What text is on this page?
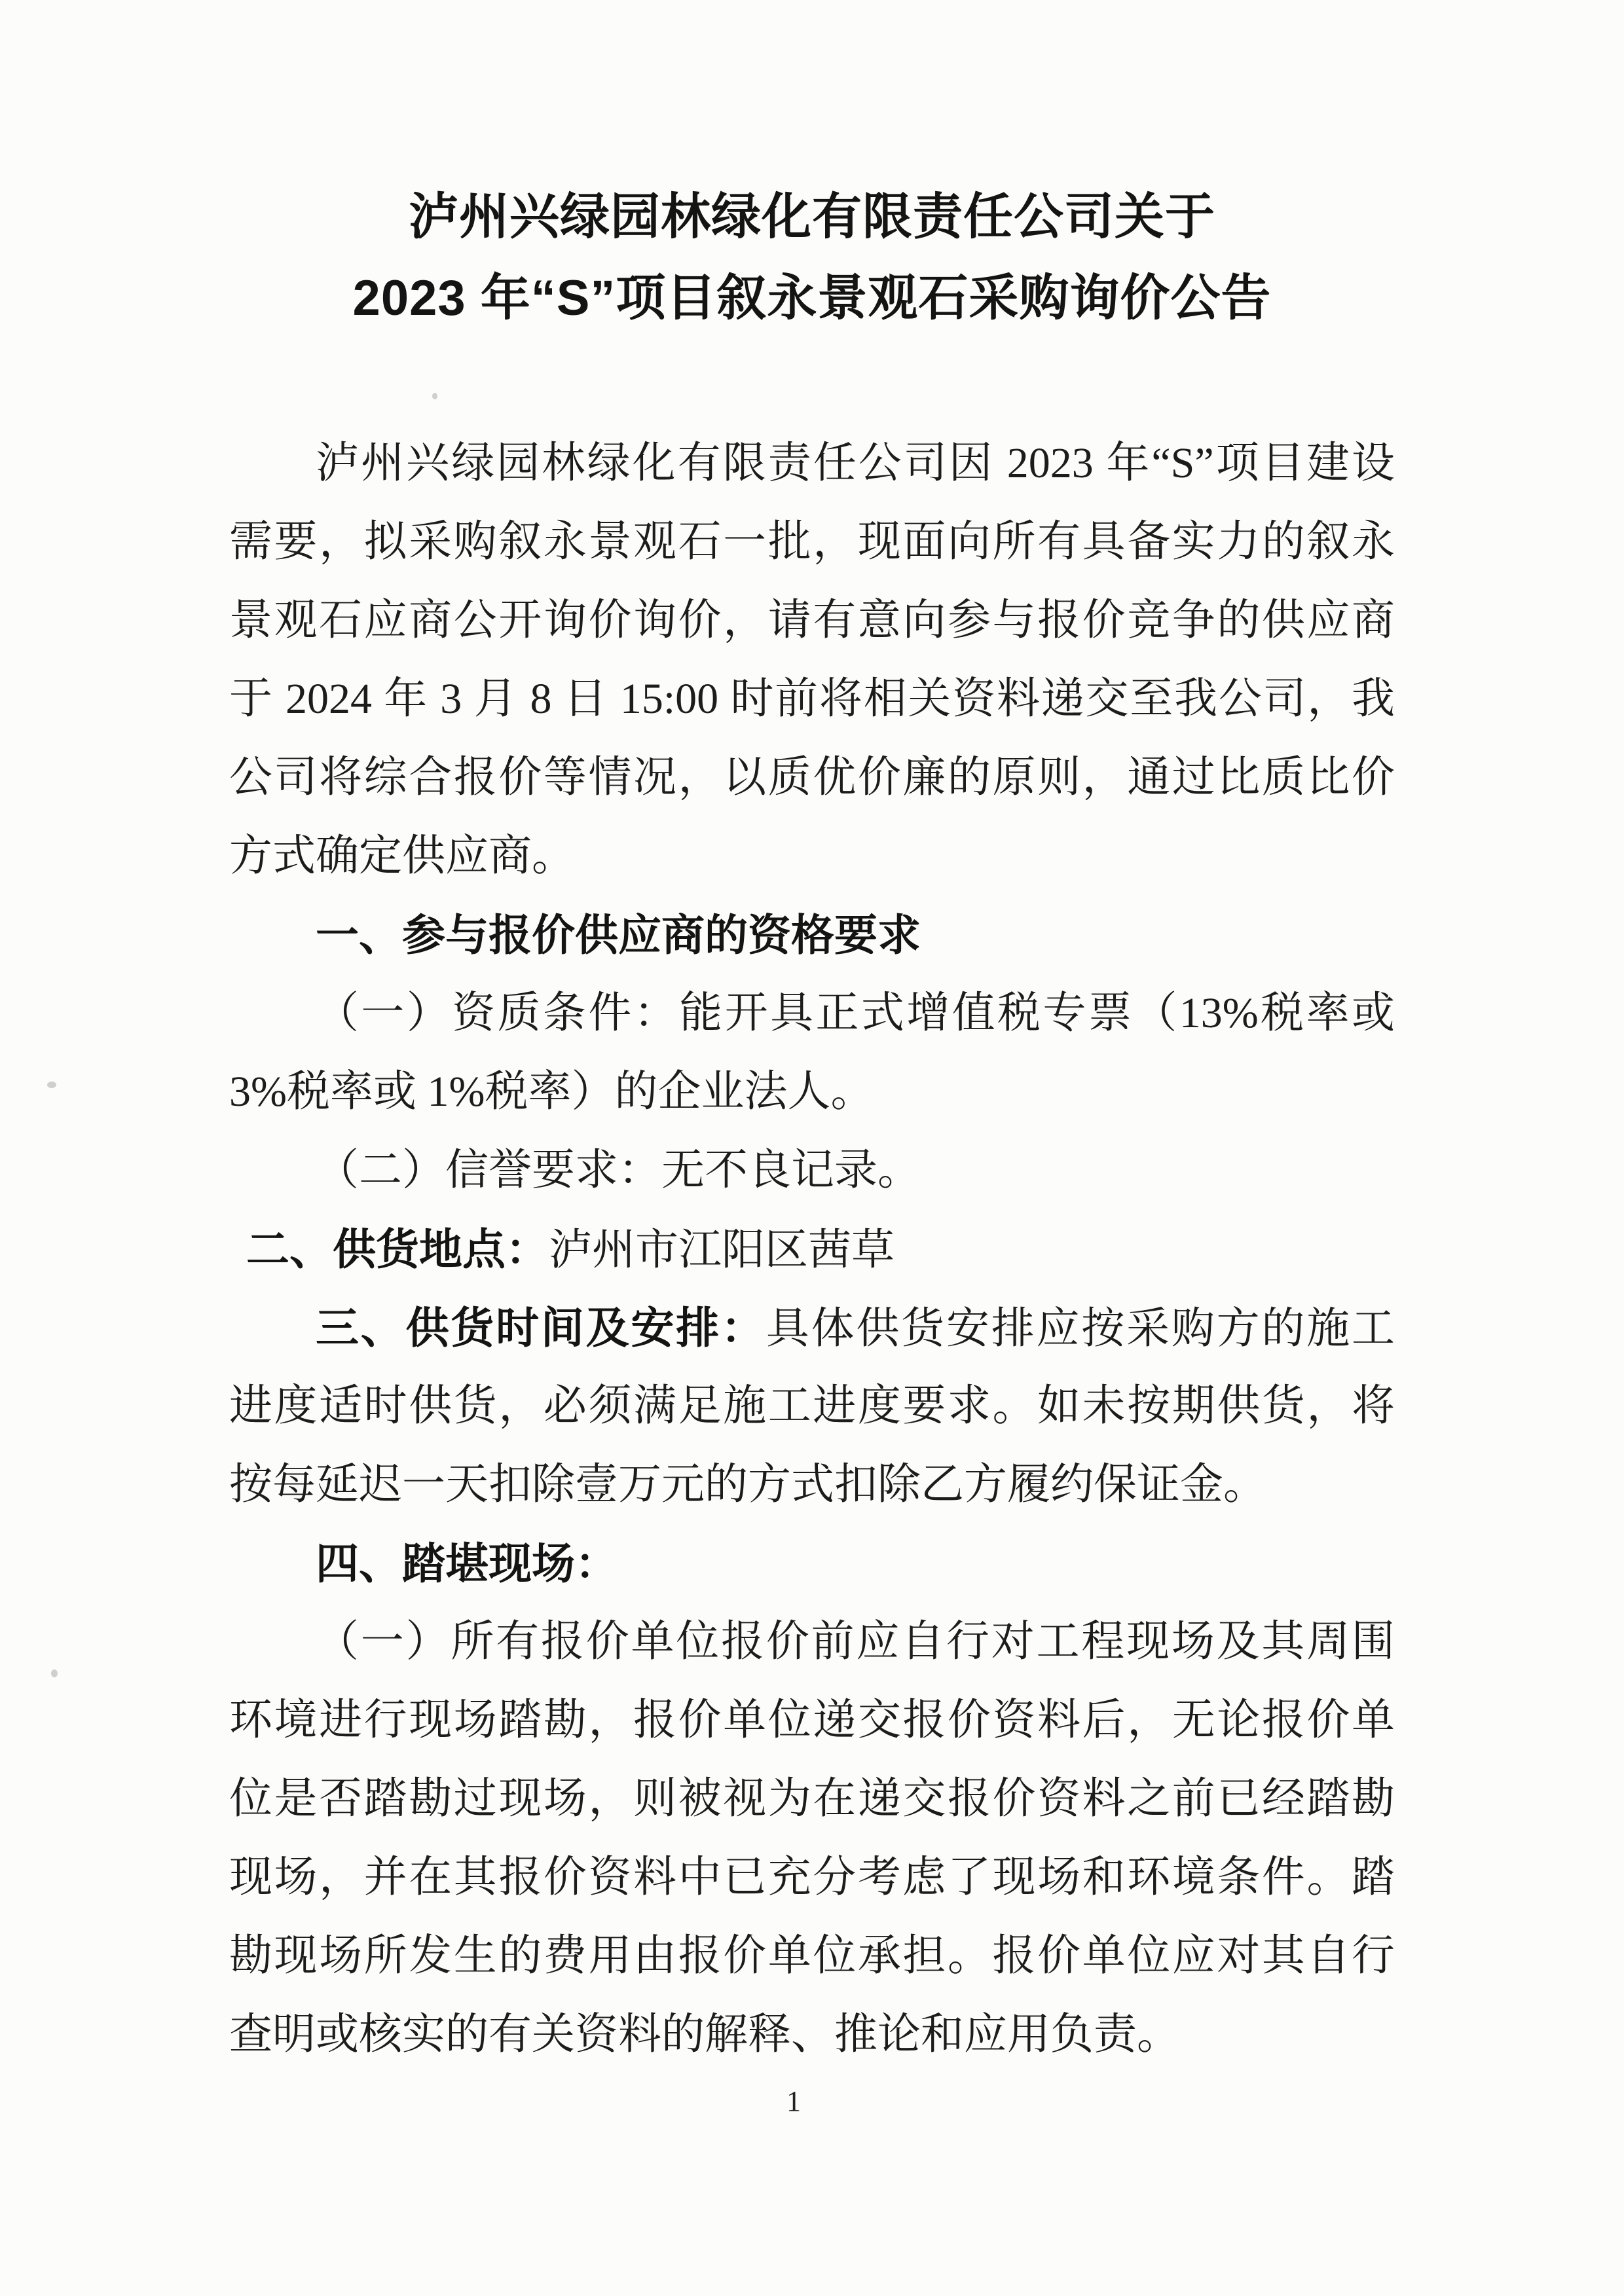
泸州兴绿园林绿化有限责任公司关于
2023 年“S”项目叙永景观石采购询价公告
泸州兴绿园林绿化有限责任公司因 2023 年“S”项目建设
需要，拟采购叙永景观石一批，现面向所有具备实力的叙永
景观石应商公开询价询价，请有意向参与报价竞争的供应商
于 2024 年 3 月 8 日 15:00 时前将相关资料递交至我公司，我
公司将综合报价等情况，以质优价廉的原则，通过比质比价
方式确定供应商。
一、参与报价供应商的资格要求
（一）资质条件：能开具正式增值税专票（13%税率或
3%税率或 1%税率）的企业法人。
（二）信誉要求：无不良记录。
二、供货地点：泸州市江阳区茜草
三、供货时间及安排：具体供货安排应按采购方的施工
进度适时供货，必须满足施工进度要求。如未按期供货，将
按每延迟一天扣除壹万元的方式扣除乙方履约保证金。
四、踏堪现场：
（一）所有报价单位报价前应自行对工程现场及其周围
环境进行现场踏勘，报价单位递交报价资料后，无论报价单
位是否踏勘过现场，则被视为在递交报价资料之前已经踏勘
现场，并在其报价资料中已充分考虑了现场和环境条件。踏
勘现场所发生的费用由报价单位承担。报价单位应对其自行
查明或核实的有关资料的解释、推论和应用负责。
1
